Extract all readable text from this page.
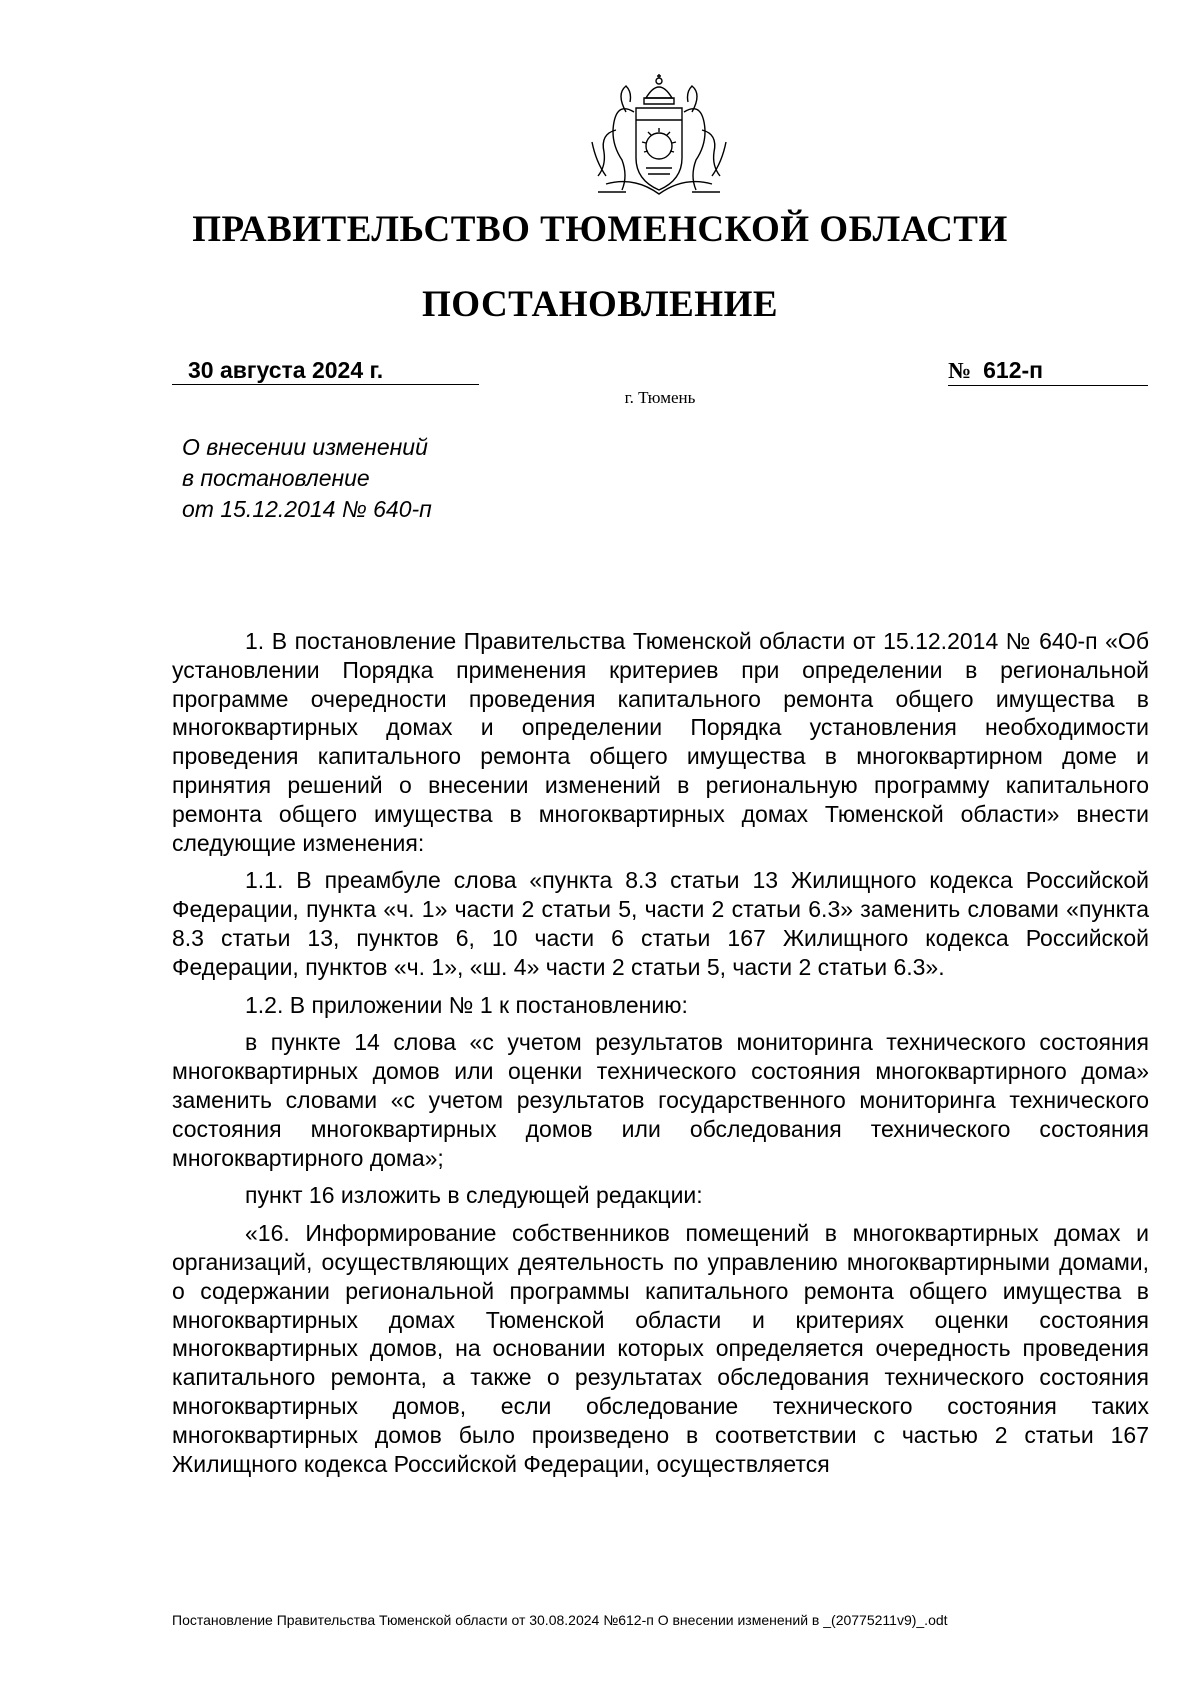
ПРАВИТЕЛЬСТВО ТЮМЕНСКОЙ ОБЛАСТИ
ПОСТАНОВЛЕНИЕ
30 августа 2024 г.	№ 612-п
г. Тюмень
О внесении изменений
в постановление
от 15.12.2014 № 640-п

1. В постановление Правительства Тюменской области от 15.12.2014 № 640-п «Об установлении Порядка применения критериев при определении в региональной программе очередности проведения капитального ремонта общего имущества в многоквартирных домах и определении Порядка установления необходимости проведения капитального ремонта общего имущества в многоквартирном доме и принятия решений о внесении изменений в региональную программу капитального ремонта общего имущества в многоквартирных домах Тюменской области» внести следующие изменения:

1.1. В преамбуле слова «пункта 8.3 статьи 13 Жилищного кодекса Российской Федерации, пункта «ч. 1» части 2 статьи 5, части 2 статьи 6.3» заменить словами «пункта 8.3 статьи 13, пунктов 6, 10 части 6 статьи 167 Жилищного кодекса Российской Федерации, пунктов «ч. 1», «ш. 4» части 2 статьи 5, части 2 статьи 6.3».

1.2. В приложении № 1 к постановлению:

в пункте 14 слова «с учетом результатов мониторинга технического состояния многоквартирных домов или оценки технического состояния многоквартирного дома» заменить словами «с учетом результатов государственного мониторинга технического состояния многоквартирных домов или обследования технического состояния многоквартирного дома»;

пункт 16 изложить в следующей редакции:

«16. Информирование собственников помещений в многоквартирных домах и организаций, осуществляющих деятельность по управлению многоквартирными домами, о содержании региональной программы капитального ремонта общего имущества в многоквартирных домах Тюменской области и критериях оценки состояния многоквартирных домов, на основании которых определяется очередность проведения капитального ремонта, а также о результатах обследования технического состояния многоквартирных домов, если обследование технического состояния таких многоквартирных домов было произведено в соответствии с частью 2 статьи 167 Жилищного кодекса Российской Федерации, осуществляется

Постановление Правительства Тюменской области от 30.08.2024 №612-п О внесении изменений в _(20775211v9)_.odt
